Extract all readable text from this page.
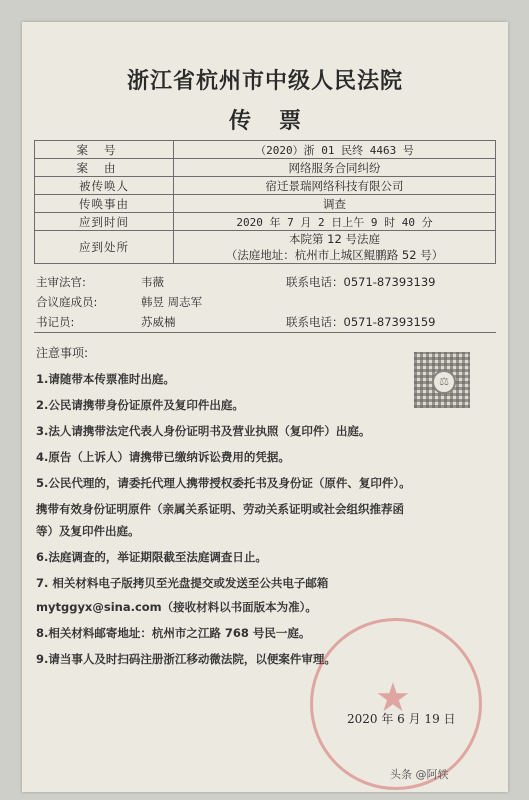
浙江省杭州市中级人民法院
传票
案号	（2020）浙 01 民终 4463 号
案由	网络服务合同纠纷
被传唤人	宿迁景瑞网络科技有限公司
传唤事由	调查
应到时间	2020 年 7 月 2 日上午 9 时 40 分
应到处所	本院第 12 号法庭
（法庭地址：杭州市上城区鲲鹏路 52 号）
主审法官:	韦薇	联系电话：0571-87393139
合议庭成员:	韩昱 周志军
书记员:	苏威楠	联系电话：0571-87393159
注意事项:
⚖
1.请随带本传票准时出庭。
2.公民请携带身份证原件及复印件出庭。
3.法人请携带法定代表人身份证明书及营业执照（复印件）出庭。
4.原告（上诉人）请携带已缴纳诉讼费用的凭据。
5.公民代理的，请委托代理人携带授权委托书及身份证（原件、复印件）。
携带有效身份证明原件（亲属关系证明、劳动关系证明或社会组织推荐函
等）及复印件出庭。
6.法庭调查的，举证期限截至法庭调查日止。
7. 相关材料电子版拷贝至光盘提交或发送至公共电子邮箱
mytggyx@sina.com（接收材料以书面版本为准）。
8.相关材料邮寄地址：杭州市之江路 768 号民一庭。
9.请当事人及时扫码注册浙江移动微法院，以便案件审理。
★
2020 年 6 月 19 日
头条 @阿轶
